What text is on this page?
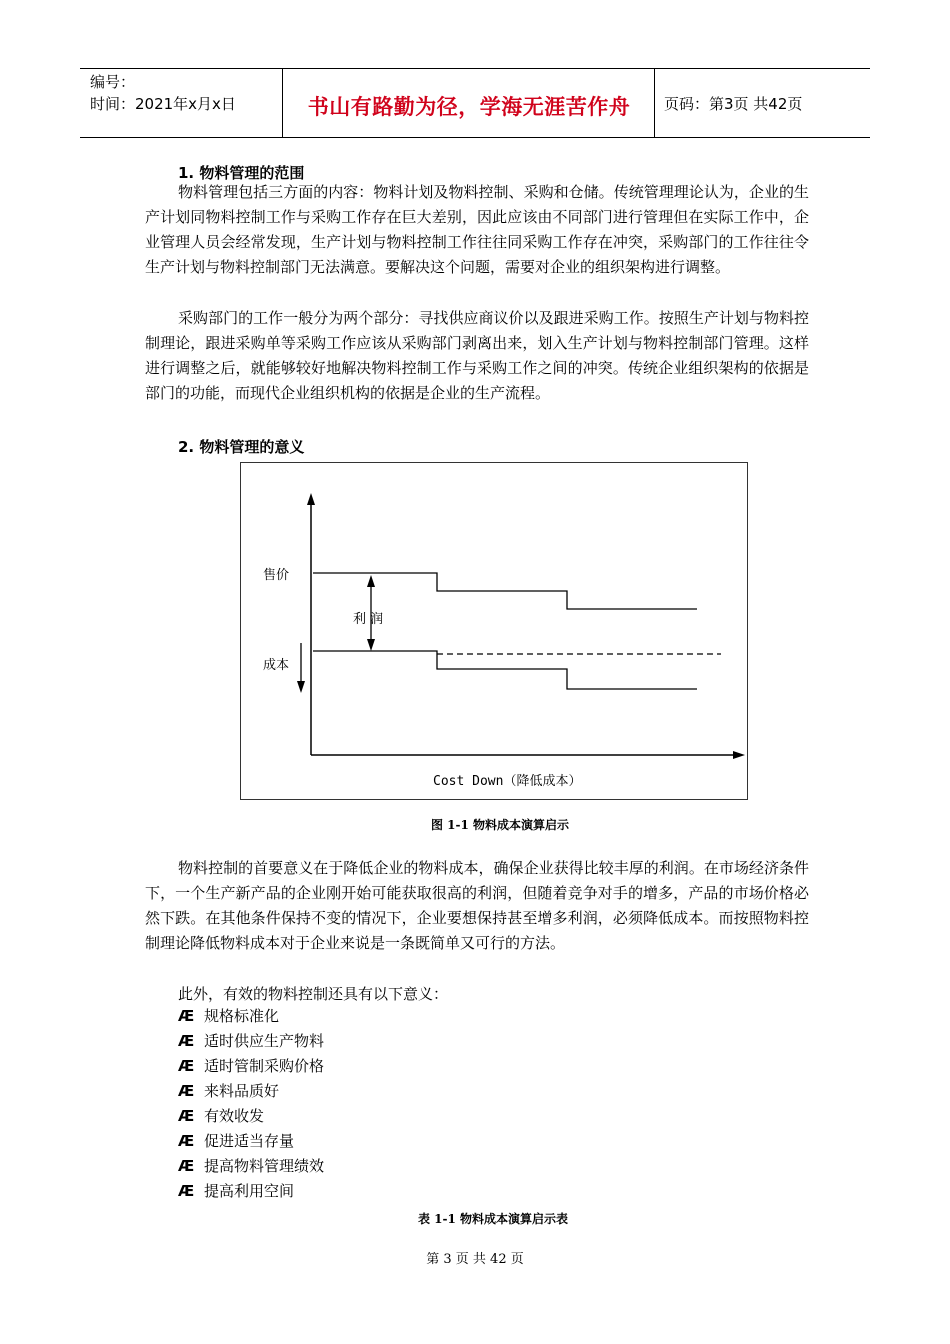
编号：
时间：2021年x月x日	书山有路勤为径，学海无涯苦作舟	页码：第3页 共42页
1. 物料管理的范围
物料管理包括三方面的内容：物料计划及物料控制、采购和仓储。传统管理理论认为，企业的生产计划同物料控制工作与采购工作存在巨大差别，因此应该由不同部门进行管理但在实际工作中，企业管理人员会经常发现，生产计划与物料控制工作往往同采购工作存在冲突，采购部门的工作往往令生产计划与物料控制部门无法满意。要解决这个问题，需要对企业的组织架构进行调整。
采购部门的工作一般分为两个部分：寻找供应商议价以及跟进采购工作。按照生产计划与物料控制理论，跟进采购单等采购工作应该从采购部门剥离出来，划入生产计划与物料控制部门管理。这样进行调整之后，就能够较好地解决物料控制工作与采购工作之间的冲突。传统企业组织架构的依据是部门的功能，而现代企业组织机构的依据是企业的生产流程。
2. 物料管理的意义
售价
利 润
成本
Cost Down（降低成本）
图 1-1 物料成本演算启示
物料控制的首要意义在于降低企业的物料成本，确保企业获得比较丰厚的利润。在市场经济条件下，一个生产新产品的企业刚开始可能获取很高的利润，但随着竞争对手的增多，产品的市场价格必然下跌。在其他条件保持不变的情况下，企业要想保持甚至增多利润，必须降低成本。而按照物料控制理论降低物料成本对于企业来说是一条既简单又可行的方法。
此外，有效的物料控制还具有以下意义：
Æ 规格标准化
Æ 适时供应生产物料
Æ 适时管制采购价格
Æ 来料品质好
Æ 有效收发
Æ 促进适当存量
Æ 提高物料管理绩效
Æ 提高利用空间
表 1-1 物料成本演算启示表
第 3 页 共 42 页
